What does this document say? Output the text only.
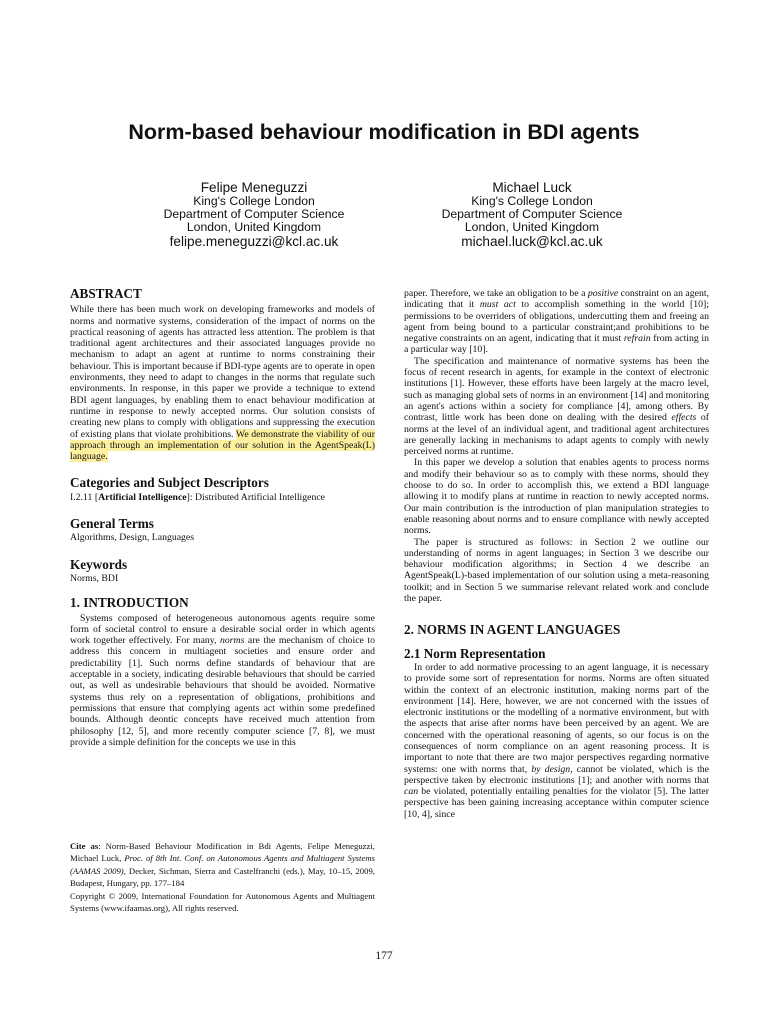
Norm-based behaviour modification in BDI agents
Felipe Meneguzzi
King's College London
Department of Computer Science
London, United Kingdom
felipe.meneguzzi@kcl.ac.uk
Michael Luck
King's College London
Department of Computer Science
London, United Kingdom
michael.luck@kcl.ac.uk
ABSTRACT

While there has been much work on developing frameworks and models of norms and normative systems, consideration of the impact of norms on the practical reasoning of agents has attracted less attention. The problem is that traditional agent architectures and their associated languages provide no mechanism to adapt an agent at runtime to norms constraining their behaviour. This is important because if BDI-type agents are to operate in open environments, they need to adapt to changes in the norms that regulate such environments. In response, in this paper we provide a technique to extend BDI agent languages, by enabling them to enact behaviour modification at runtime in response to newly accepted norms. Our solution consists of creating new plans to comply with obligations and suppressing the execution of existing plans that violate prohibitions. We demonstrate the viability of our approach through an implementation of our solution in the AgentSpeak(L) language.

Categories and Subject Descriptors

I.2.11 [Artificial Intelligence]: Distributed Artificial Intelligence

General Terms

Algorithms, Design, Languages

Keywords

Norms, BDI

1. INTRODUCTION

Systems composed of heterogeneous autonomous agents require some form of societal control to ensure a desirable social order in which agents work together effectively. For many, norms are the mechanism of choice to address this concern in multiagent societies and ensure order and predictability [1]. Such norms define standards of behaviour that are acceptable in a society, indicating desirable behaviours that should be carried out, as well as undesirable behaviours that should be avoided. Normative systems thus rely on a representation of obligations, prohibitions and permissions that ensure that complying agents act within some predefined bounds. Although deontic concepts have received much attention from philosophy [12, 5], and more recently computer science [7, 8], we must provide a simple definition for the concepts we use in this

Cite as: Norm-Based Behaviour Modification in Bdi Agents, Felipe Meneguzzi, Michael Luck, Proc. of 8th Int. Conf. on Autonomous Agents and Multiagent Systems (AAMAS 2009), Decker, Sichman, Sierra and Castelfranchi (eds.), May, 10–15, 2009, Budapest, Hungary, pp. 177–184
Copyright © 2009, International Foundation for Autonomous Agents and Multiagent Systems (www.ifaamas.org), All rights reserved.

paper. Therefore, we take an obligation to be a positive constraint on an agent, indicating that it must act to accomplish something in the world [10]; permissions to be overriders of obligations, undercutting them and freeing an agent from being bound to a particular constraint;and prohibitions to be negative constraints on an agent, indicating that it must refrain from acting in a particular way [10].

The specification and maintenance of normative systems has been the focus of recent research in agents, for example in the context of electronic institutions [1]. However, these efforts have been largely at the macro level, such as managing global sets of norms in an environment [14] and monitoring an agent's actions within a society for compliance [4], among others. By contrast, little work has been done on dealing with the desired effects of norms at the level of an individual agent, and traditional agent architectures are generally lacking in mechanisms to adapt agents to comply with newly perceived norms at runtime.

In this paper we develop a solution that enables agents to process norms and modify their behaviour so as to comply with these norms, should they choose to do so. In order to accomplish this, we extend a BDI language allowing it to modify plans at runtime in reaction to newly accepted norms. Our main contribution is the introduction of plan manipulation strategies to enable reasoning about norms and to ensure compliance with newly accepted norms.

The paper is structured as follows: in Section 2 we outline our understanding of norms in agent languages; in Section 3 we describe our behaviour modification algorithms; in Section 4 we describe an AgentSpeak(L)-based implementation of our solution using a meta-reasoning toolkit; and in Section 5 we summarise relevant related work and conclude the paper.

2. NORMS IN AGENT LANGUAGES
2.1 Norm Representation

In order to add normative processing to an agent language, it is necessary to provide some sort of representation for norms. Norms are often situated within the context of an electronic institution, making norms part of the environment [14]. Here, however, we are not concerned with the issues of electronic institutions or the modelling of a normative environment, but with the aspects that arise after norms have been perceived by an agent. We are concerned with the operational reasoning of agents, so our focus is on the consequences of norm compliance on an agent reasoning process. It is important to note that there are two major perspectives regarding normative systems: one with norms that, by design, cannot be violated, which is the perspective taken by electronic institutions [1]; and another with norms that can be violated, potentially entailing penalties for the violator [5]. The latter perspective has been gaining increasing acceptance within computer science [10, 4], since

177
